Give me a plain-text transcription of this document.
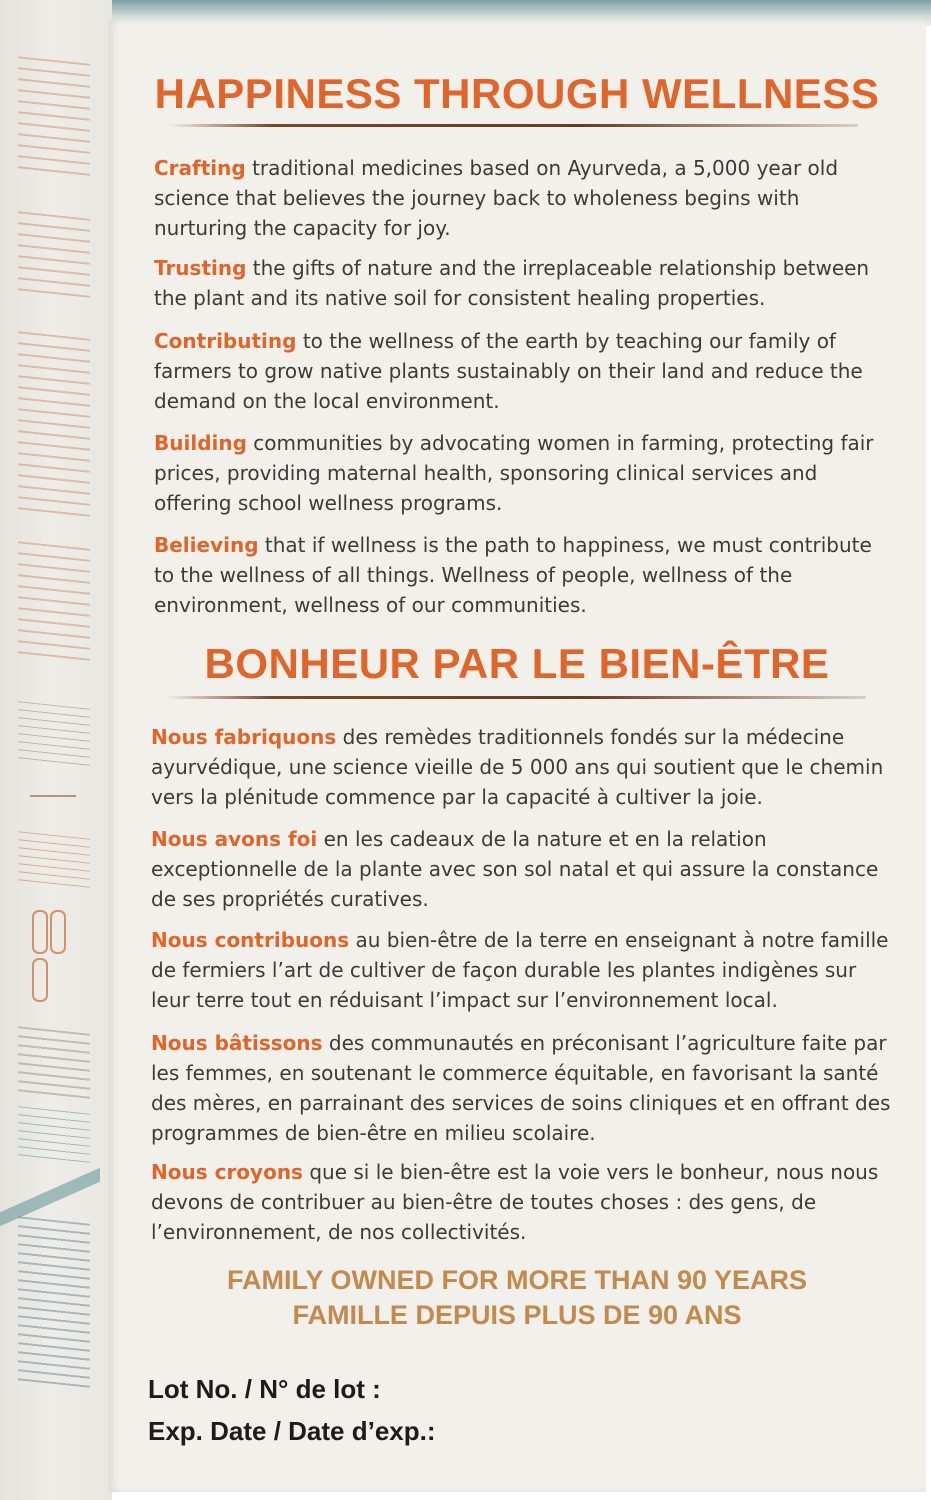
HAPPINESS THROUGH WELLNESS

Crafting traditional medicines based on Ayurveda, a 5,000 year old science that believes the journey back to wholeness begins with nurturing the capacity for joy.

Trusting the gifts of nature and the irreplaceable relationship between the plant and its native soil for consistent healing properties.

Contributing to the wellness of the earth by teaching our family of farmers to grow native plants sustainably on their land and reduce the demand on the local environment.

Building communities by advocating women in farming, protecting fair prices, providing maternal health, sponsoring clinical services and offering school wellness programs.

Believing that if wellness is the path to happiness, we must contribute to the wellness of all things. Wellness of people, wellness of the environment, wellness of our communities.

BONHEUR PAR LE BIEN-ÊTRE

Nous fabriquons des remèdes traditionnels fondés sur la médecine ayurvédique, une science vieille de 5 000 ans qui soutient que le chemin vers la plénitude commence par la capacité à cultiver la joie.

Nous avons foi en les cadeaux de la nature et en la relation exceptionnelle de la plante avec son sol natal et qui assure la constance de ses propriétés curatives.

Nous contribuons au bien-être de la terre en enseignant à notre famille de fermiers l’art de cultiver de façon durable les plantes indigènes sur leur terre tout en réduisant l’impact sur l’environnement local.

Nous bâtissons des communautés en préconisant l’agriculture faite par les femmes, en soutenant le commerce équitable, en favorisant la santé des mères, en parrainant des services de soins cliniques et en offrant des programmes de bien-être en milieu scolaire.

Nous croyons que si le bien-être est la voie vers le bonheur, nous nous devons de contribuer au bien-être de toutes choses : des gens, de l’environnement, de nos collectivités.

FAMILY OWNED FOR MORE THAN 90 YEARS

FAMILLE DEPUIS PLUS DE 90 ANS

Lot No. / N° de lot :

Exp. Date / Date d’exp.:
